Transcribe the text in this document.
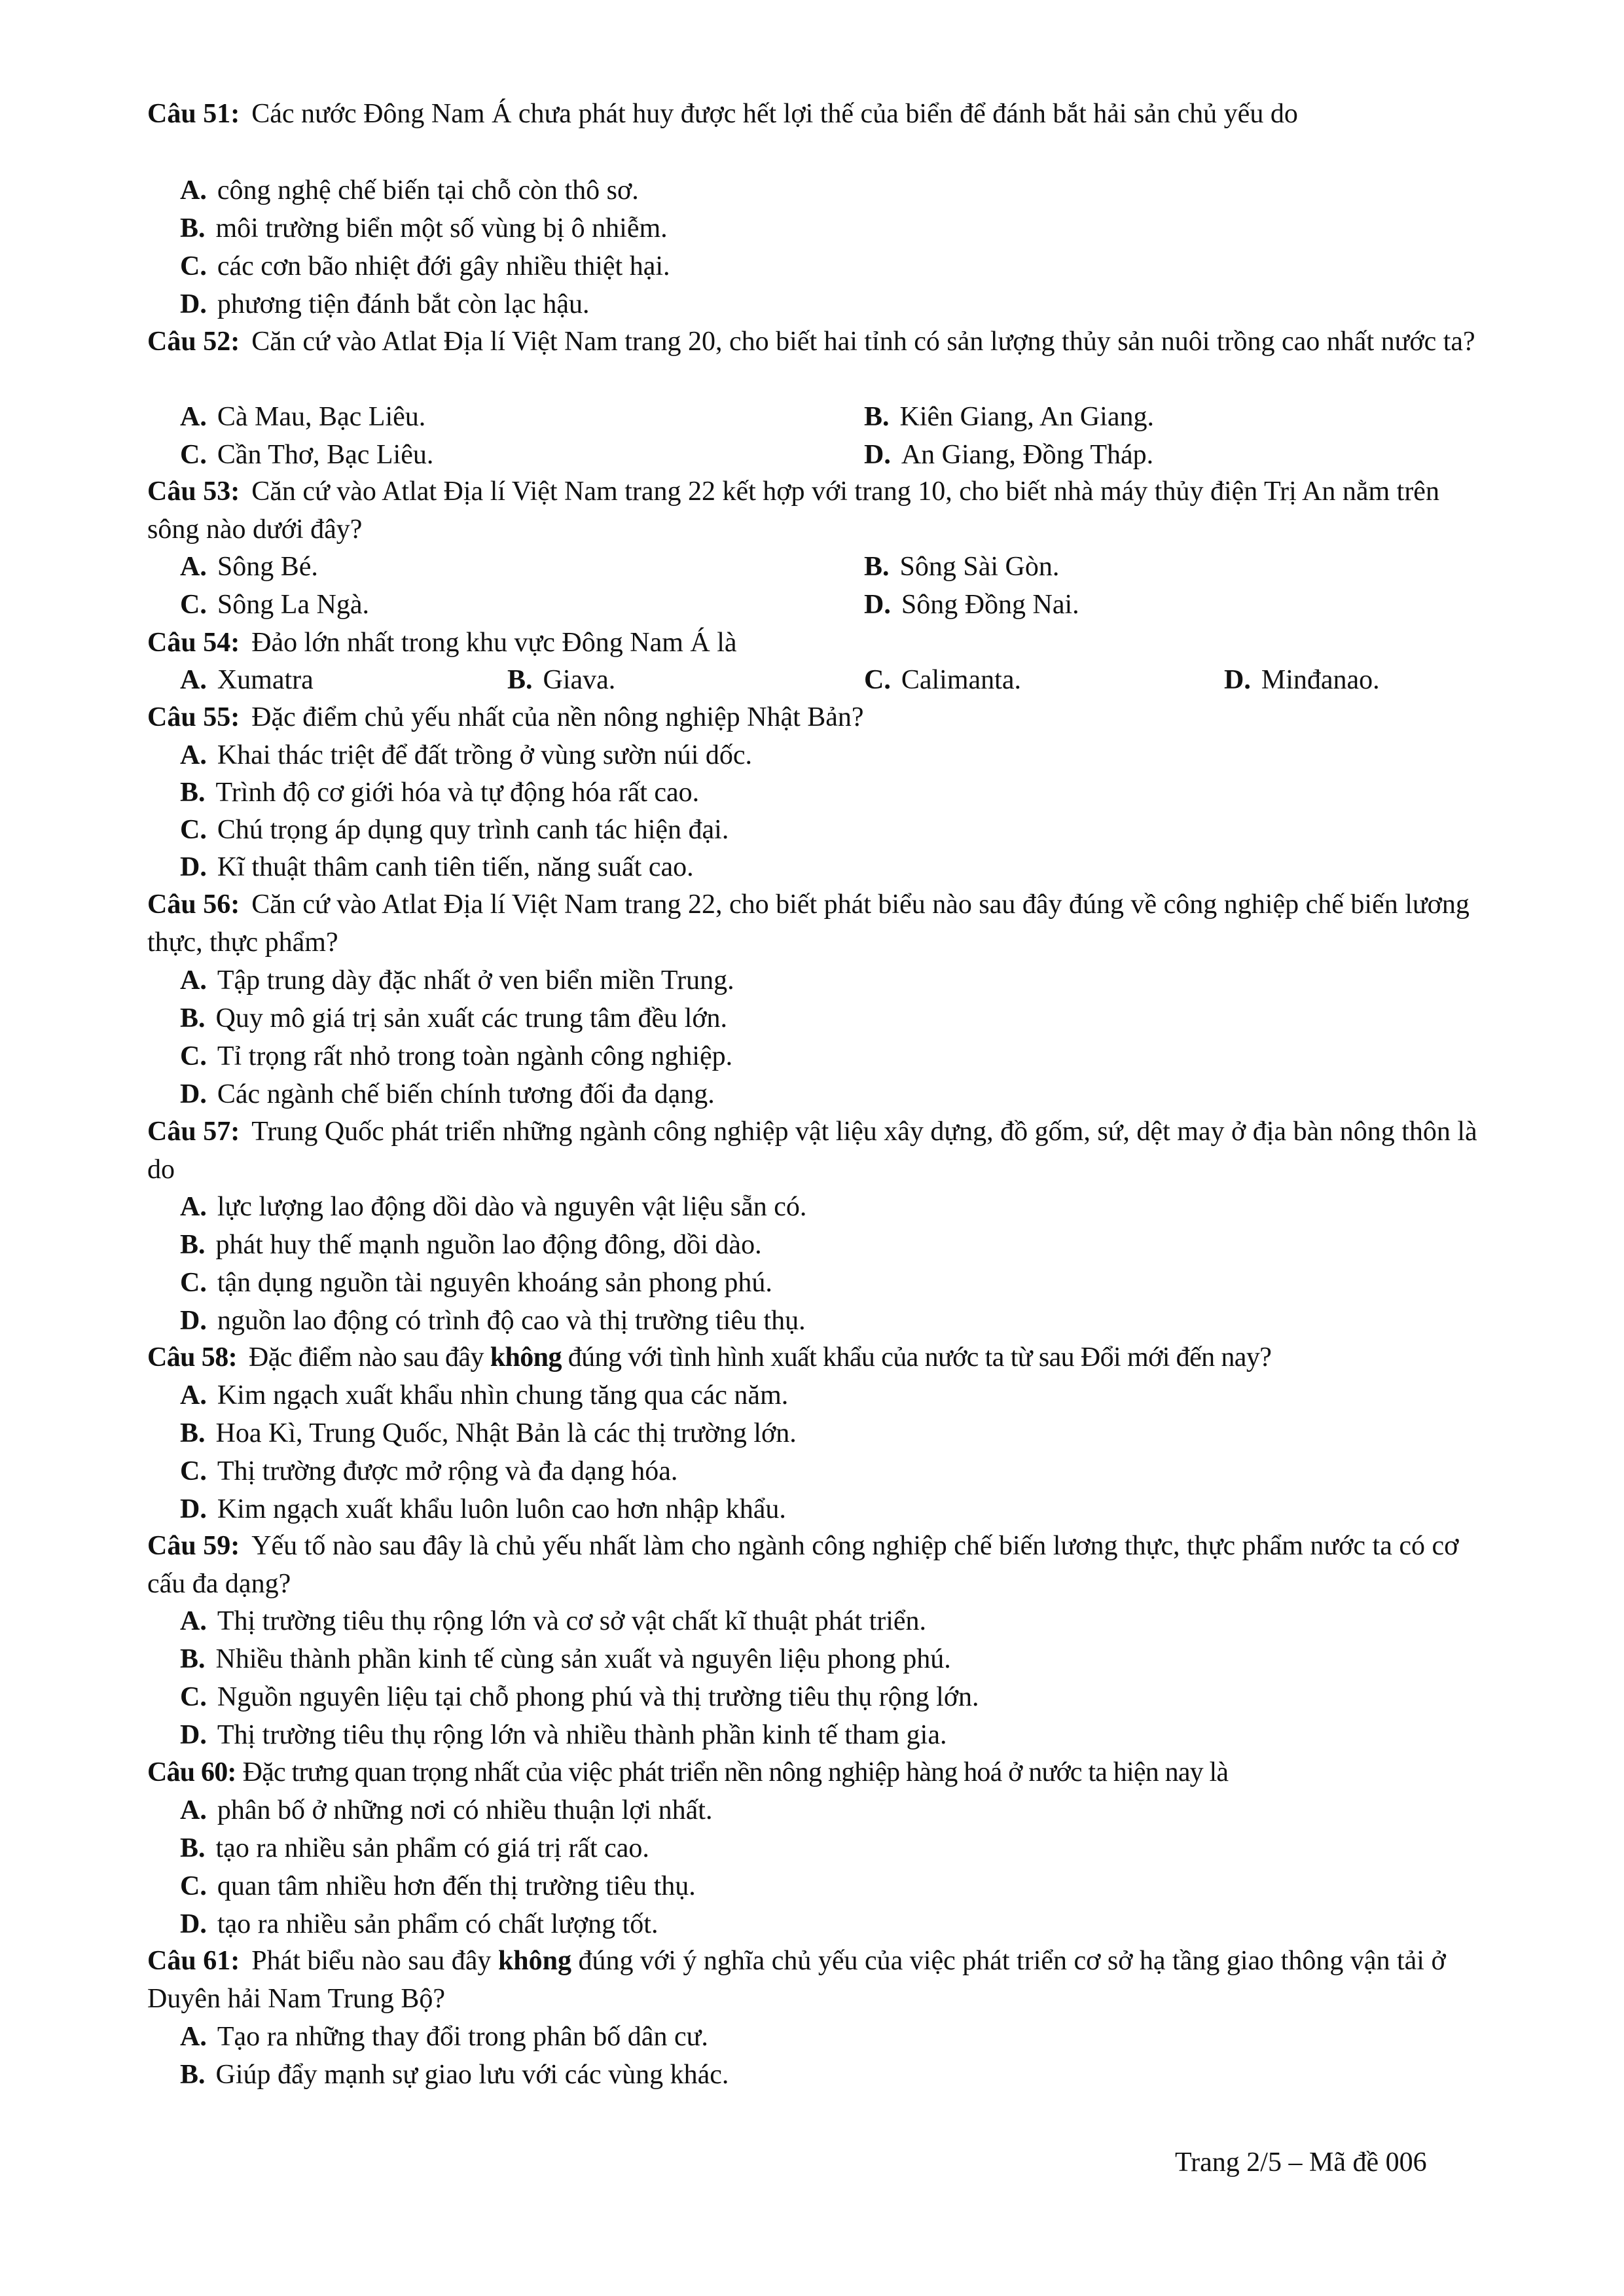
Câu 51: Các nước Đông Nam Á chưa phát huy được hết lợi thế của biển để đánh bắt hải sản chủ yếu do
A. công nghệ chế biến tại chỗ còn thô sơ.
B. môi trường biển một số vùng bị ô nhiễm.
C. các cơn bão nhiệt đới gây nhiều thiệt hại.
D. phương tiện đánh bắt còn lạc hậu.
Câu 52: Căn cứ vào Atlat Địa lí Việt Nam trang 20, cho biết hai tỉnh có sản lượng thủy sản nuôi trồng cao nhất nước ta?
A. Cà Mau, Bạc Liêu.	B. Kiên Giang, An Giang.
C. Cần Thơ, Bạc Liêu.	D. An Giang, Đồng Tháp.
Câu 53: Căn cứ vào Atlat Địa lí Việt Nam trang 22 kết hợp với trang 10, cho biết nhà máy thủy điện Trị An nằm trên sông nào dưới đây?
A. Sông Bé.	B. Sông Sài Gòn.
C. Sông La Ngà.	D. Sông Đồng Nai.
Câu 54: Đảo lớn nhất trong khu vực Đông Nam Á là
A. Xumatra	B. Giava.	C. Calimanta.	D. Minđanao.
Câu 55: Đặc điểm chủ yếu nhất của nền nông nghiệp Nhật Bản?
A. Khai thác triệt để đất trồng ở vùng sườn núi dốc.
B. Trình độ cơ giới hóa và tự động hóa rất cao.
C. Chú trọng áp dụng quy trình canh tác hiện đại.
D. Kĩ thuật thâm canh tiên tiến, năng suất cao.
Câu 56: Căn cứ vào Atlat Địa lí Việt Nam trang 22, cho biết phát biểu nào sau đây đúng về công nghiệp chế biến lương thực, thực phẩm?
A. Tập trung dày đặc nhất ở ven biển miền Trung.
B. Quy mô giá trị sản xuất các trung tâm đều lớn.
C. Tỉ trọng rất nhỏ trong toàn ngành công nghiệp.
D. Các ngành chế biến chính tương đối đa dạng.
Câu 57: Trung Quốc phát triển những ngành công nghiệp vật liệu xây dựng, đồ gốm, sứ, dệt may ở địa bàn nông thôn là do
A. lực lượng lao động dồi dào và nguyên vật liệu sẵn có.
B. phát huy thế mạnh nguồn lao động đông, dồi dào.
C. tận dụng nguồn tài nguyên khoáng sản phong phú.
D. nguồn lao động có trình độ cao và thị trường tiêu thụ.
Câu 58: Đặc điểm nào sau đây không đúng với tình hình xuất khẩu của nước ta từ sau Đổi mới đến nay?
A. Kim ngạch xuất khẩu nhìn chung tăng qua các năm.
B. Hoa Kì, Trung Quốc, Nhật Bản là các thị trường lớn.
C. Thị trường được mở rộng và đa dạng hóa.
D. Kim ngạch xuất khẩu luôn luôn cao hơn nhập khẩu.
Câu 59: Yếu tố nào sau đây là chủ yếu nhất làm cho ngành công nghiệp chế biến lương thực, thực phẩm nước ta có cơ cấu đa dạng?
A. Thị trường tiêu thụ rộng lớn và cơ sở vật chất kĩ thuật phát triển.
B. Nhiều thành phần kinh tế cùng sản xuất và nguyên liệu phong phú.
C. Nguồn nguyên liệu tại chỗ phong phú và thị trường tiêu thụ rộng lớn.
D. Thị trường tiêu thụ rộng lớn và nhiều thành phần kinh tế tham gia.
Câu 60: Đặc trưng quan trọng nhất của việc phát triển nền nông nghiệp hàng hoá ở nước ta hiện nay là
A. phân bố ở những nơi có nhiều thuận lợi nhất.
B. tạo ra nhiều sản phẩm có giá trị rất cao.
C. quan tâm nhiều hơn đến thị trường tiêu thụ.
D. tạo ra nhiều sản phẩm có chất lượng tốt.
Câu 61: Phát biểu nào sau đây không đúng với ý nghĩa chủ yếu của việc phát triển cơ sở hạ tầng giao thông vận tải ở Duyên hải Nam Trung Bộ?
A. Tạo ra những thay đổi trong phân bố dân cư.
B. Giúp đẩy mạnh sự giao lưu với các vùng khác.
Trang 2/5 – Mã đề 006
